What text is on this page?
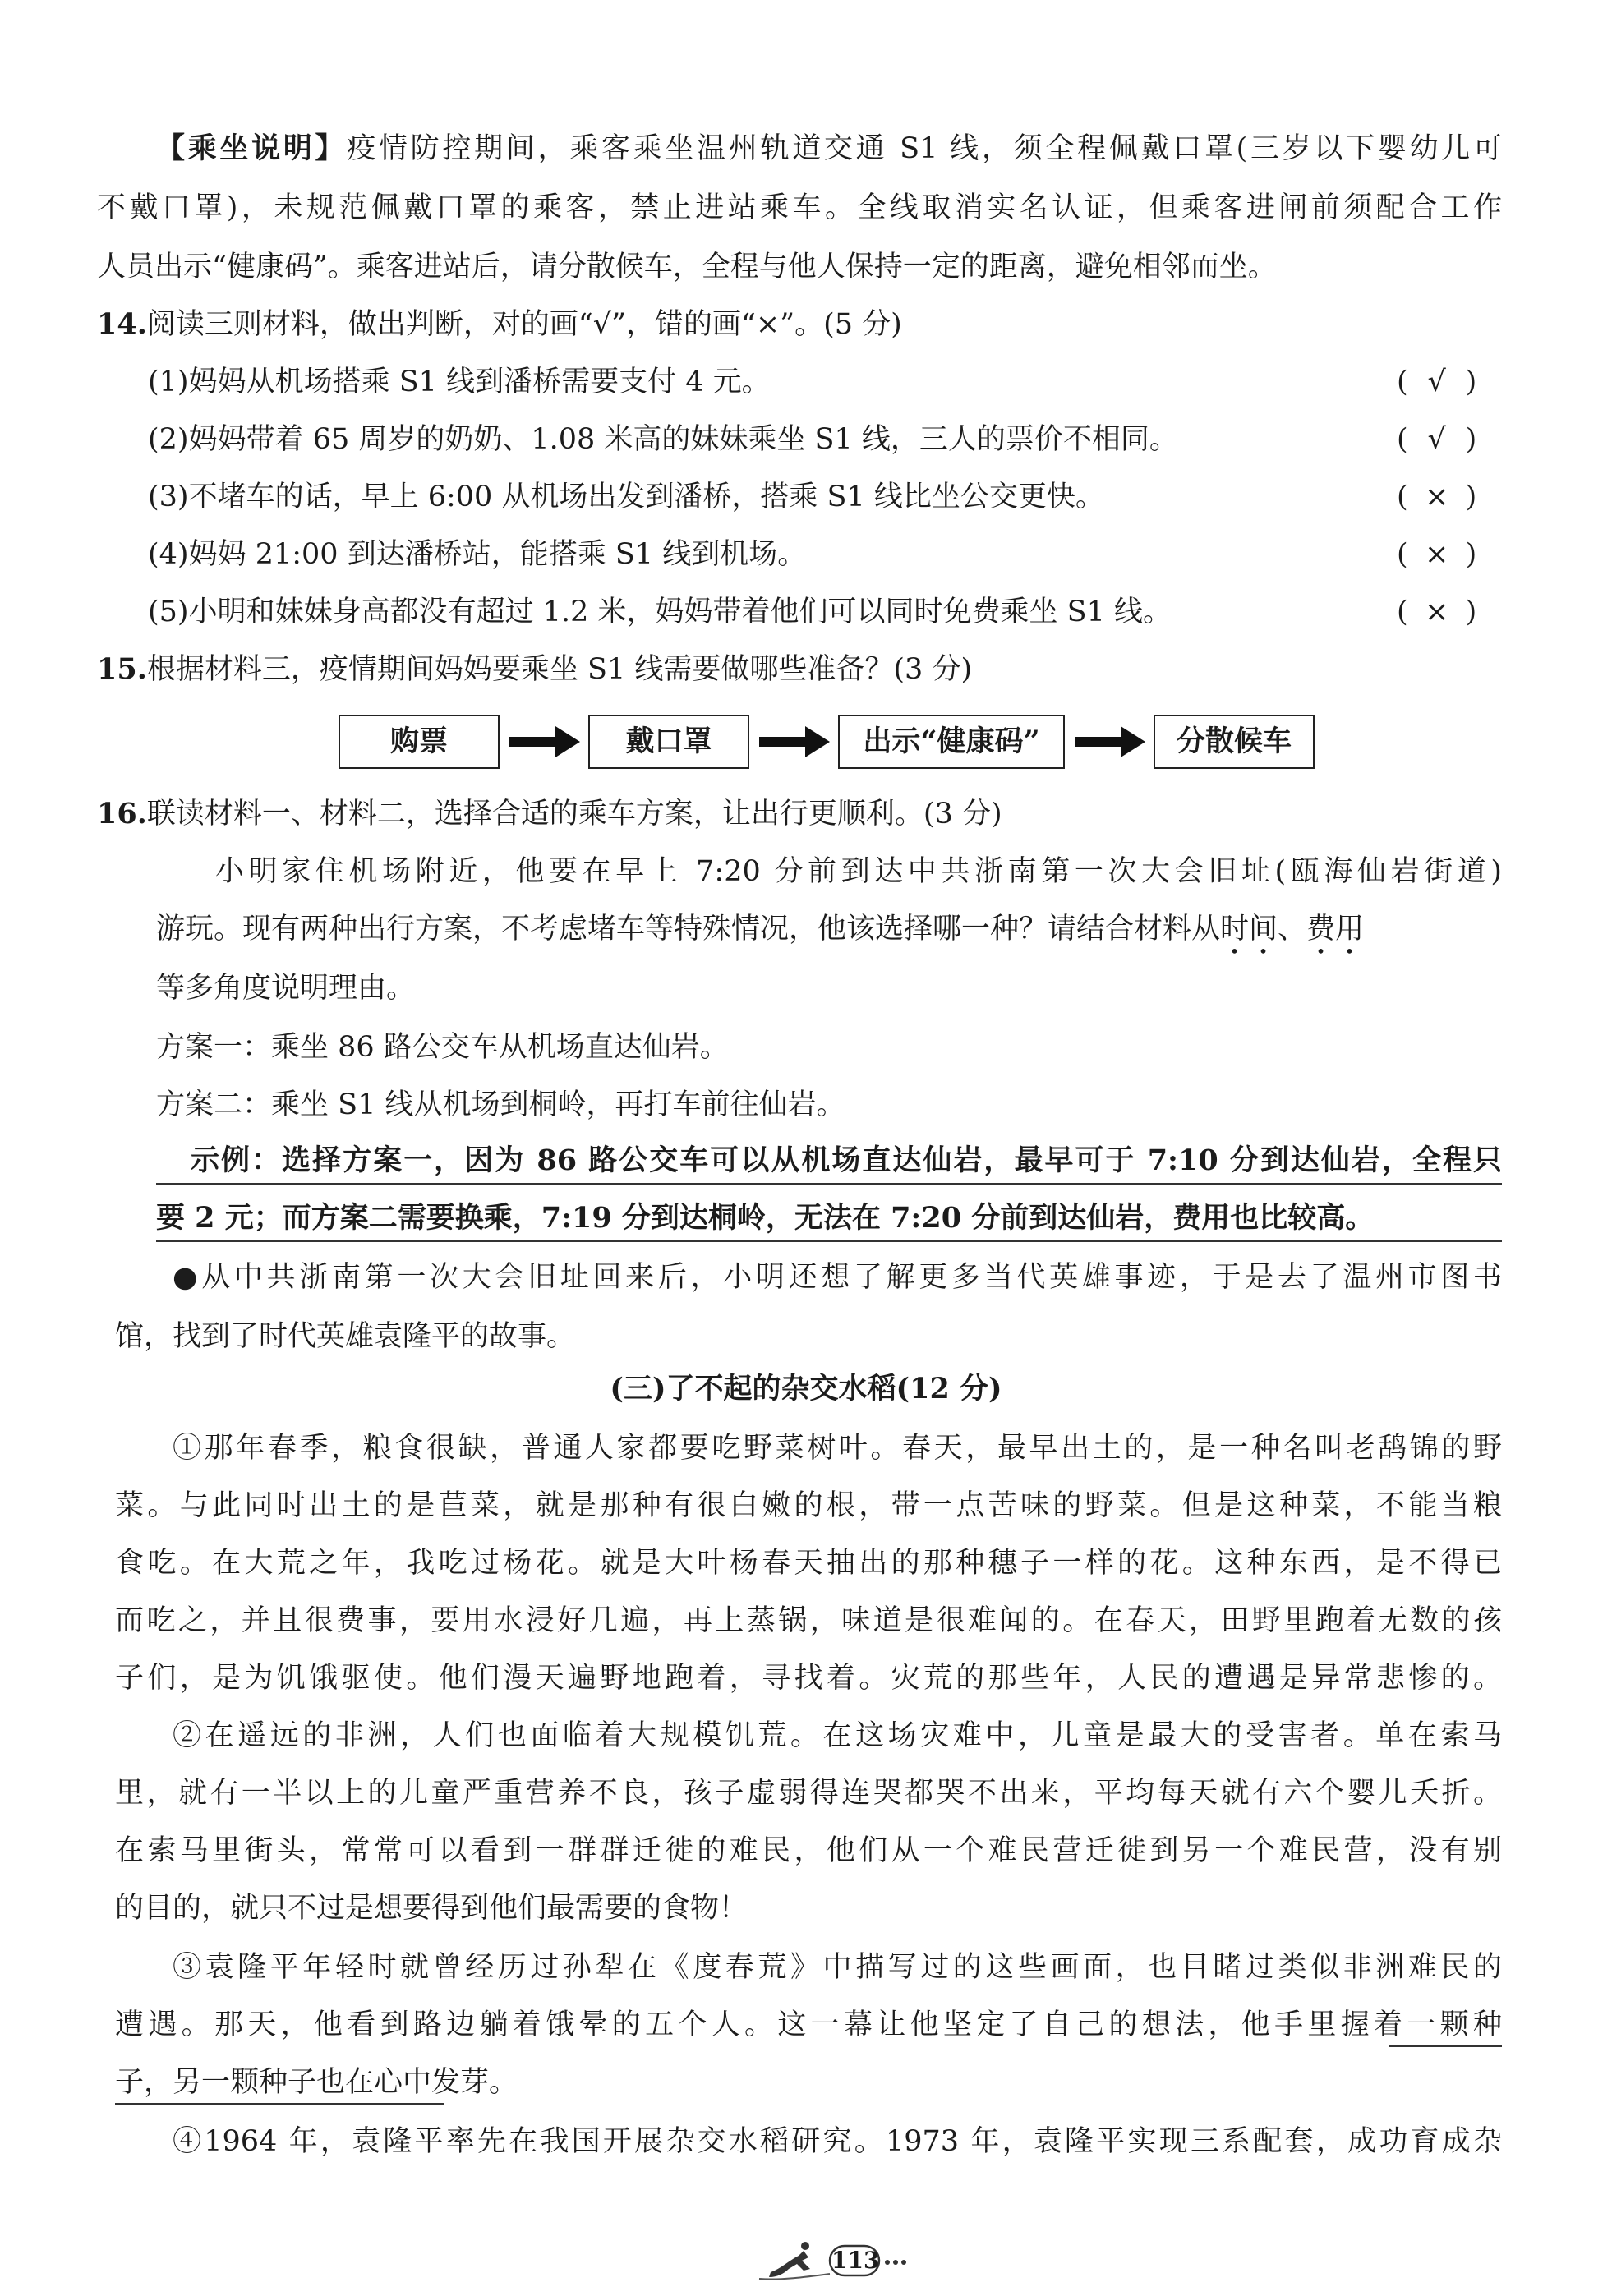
【乘坐说明】疫情防控期间，乘客乘坐温州轨道交通 S1 线，须全程佩戴口罩(三岁以下婴幼儿可
不戴口罩)，未规范佩戴口罩的乘客，禁止进站乘车。全线取消实名认证，但乘客进闸前须配合工作
人员出示“健康码”。乘客进站后，请分散候车，全程与他人保持一定的距离，避免相邻而坐。
14.阅读三则材料，做出判断，对的画“√”，错的画“×”。(5 分)
(1)妈妈从机场搭乘 S1 线到潘桥需要支付 4 元。	( √ )
(2)妈妈带着 65 周岁的奶奶、1.08 米高的妹妹乘坐 S1 线，三人的票价不相同。	( √ )
(3)不堵车的话，早上 6:00 从机场出发到潘桥，搭乘 S1 线比坐公交更快。	( × )
(4)妈妈 21:00 到达潘桥站，能搭乘 S1 线到机场。	( × )
(5)小明和妹妹身高都没有超过 1.2 米，妈妈带着他们可以同时免费乘坐 S1 线。	( × )
15.根据材料三，疫情期间妈妈要乘坐 S1 线需要做哪些准备？(3 分)
购票	戴口罩	出示“健康码”	分散候车
16.联读材料一、材料二，选择合适的乘车方案，让出行更顺利。(3 分)
小明家住机场附近，他要在早上 7:20 分前到达中共浙南第一次大会旧址(瓯海仙岩街道)
游玩。现有两种出行方案，不考虑堵车等特殊情况，他该选择哪一种？请结合材料从时间、费用
等多角度说明理由。
方案一：乘坐 86 路公交车从机场直达仙岩。
方案二：乘坐 S1 线从机场到桐岭，再打车前往仙岩。
示例：选择方案一，因为 86 路公交车可以从机场直达仙岩，最早可于 7:10 分到达仙岩，全程只
要 2 元；而方案二需要换乘，7:19 分到达桐岭，无法在 7:20 分前到达仙岩，费用也比较高。
●从中共浙南第一次大会旧址回来后，小明还想了解更多当代英雄事迹，于是去了温州市图书
馆，找到了时代英雄袁隆平的故事。
(三)了不起的杂交水稻(12 分)
①那年春季，粮食很缺，普通人家都要吃野菜树叶。春天，最早出土的，是一种名叫老鸹锦的野
菜。与此同时出土的是苣菜，就是那种有很白嫩的根，带一点苦味的野菜。但是这种菜，不能当粮
食吃。在大荒之年，我吃过杨花。就是大叶杨春天抽出的那种穗子一样的花。这种东西，是不得已
而吃之，并且很费事，要用水浸好几遍，再上蒸锅，味道是很难闻的。在春天，田野里跑着无数的孩
子们，是为饥饿驱使。他们漫天遍野地跑着，寻找着。灾荒的那些年，人民的遭遇是异常悲惨的。
②在遥远的非洲，人们也面临着大规模饥荒。在这场灾难中，儿童是最大的受害者。单在索马
里，就有一半以上的儿童严重营养不良，孩子虚弱得连哭都哭不出来，平均每天就有六个婴儿夭折。
在索马里街头，常常可以看到一群群迁徙的难民，他们从一个难民营迁徙到另一个难民营，没有别
的目的，就只不过是想要得到他们最需要的食物！
③袁隆平年轻时就曾经历过孙犁在《度春荒》中描写过的这些画面，也目睹过类似非洲难民的
遭遇。那天，他看到路边躺着饿晕的五个人。这一幕让他坚定了自己的想法，他手里握着一颗种
子，另一颗种子也在心中发芽。
④1964 年，袁隆平率先在我国开展杂交水稻研究。1973 年，袁隆平实现三系配套，成功育成杂
113
